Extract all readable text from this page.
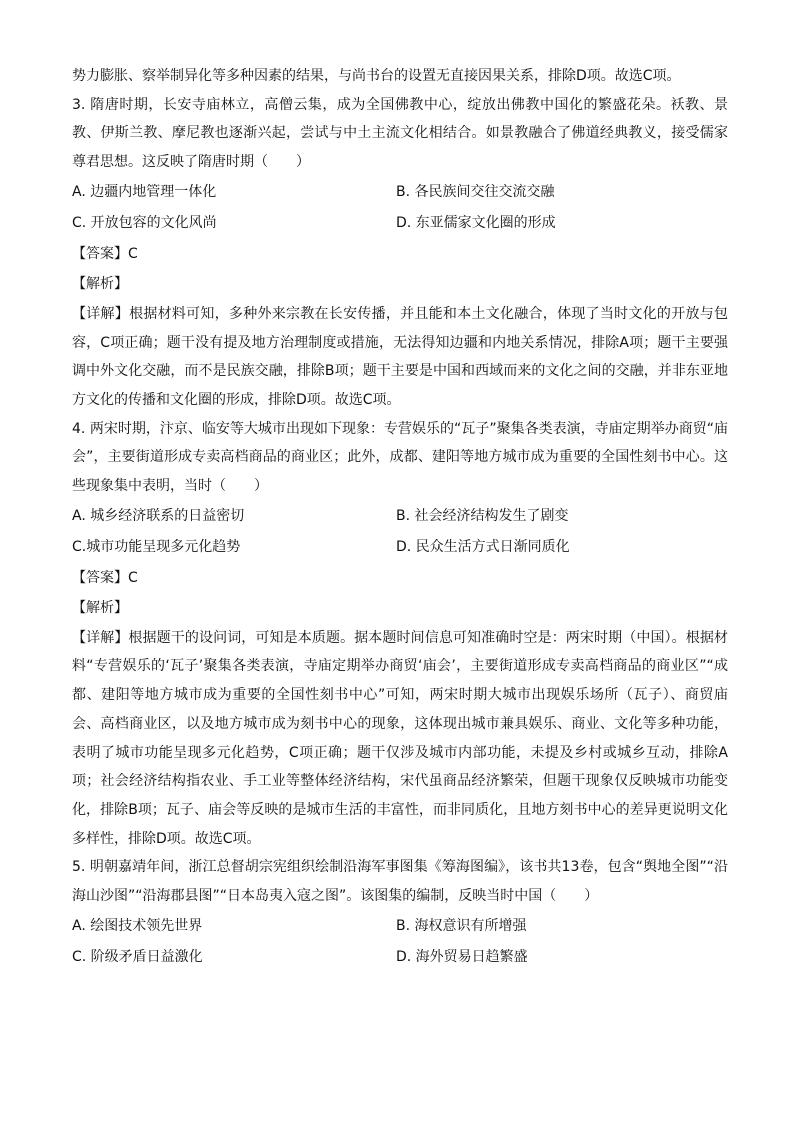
势力膨胀、察举制异化等多种因素的结果，与尚书台的设置无直接因果关系，排除D项。故选C项。

3. 隋唐时期，长安寺庙林立，高僧云集，成为全国佛教中心，绽放出佛教中国化的繁盛花朵。袄教、景教、伊斯兰教、摩尼教也逐渐兴起，尝试与中土主流文化相结合。如景教融合了佛道经典教义，接受儒家尊君思想。这反映了隋唐时期（　　）

A. 边疆内地管理一体化	B. 各民族间交往交流交融
C. 开放包容的文化风尚	D. 东亚儒家文化圈的形成

【答案】C

【解析】

【详解】根据材料可知，多种外来宗教在长安传播，并且能和本土文化融合，体现了当时文化的开放与包容，C项正确；题干没有提及地方治理制度或措施，无法得知边疆和内地关系情况，排除A项；题干主要强调中外文化交融，而不是民族交融，排除B项；题干主要是中国和西域而来的文化之间的交融，并非东亚地方文化的传播和文化圈的形成，排除D项。故选C项。

4. 两宋时期，汴京、临安等大城市出现如下现象：专营娱乐的“瓦子”聚集各类表演，寺庙定期举办商贸“庙会”，主要街道形成专卖高档商品的商业区；此外，成都、建阳等地方城市成为重要的全国性刻书中心。这些现象集中表明，当时（　　）

A. 城乡经济联系的日益密切	B. 社会经济结构发生了剧变
C.城市功能呈现多元化趋势	D. 民众生活方式日渐同质化

【答案】C

【解析】

【详解】根据题干的设问词，可知是本质题。据本题时间信息可知准确时空是：两宋时期（中国）。根据材料“专营娱乐的‘瓦子’聚集各类表演，寺庙定期举办商贸‘庙会’，主要街道形成专卖高档商品的商业区”“成都、建阳等地方城市成为重要的全国性刻书中心”可知，两宋时期大城市出现娱乐场所（瓦子）、商贸庙会、高档商业区，以及地方城市成为刻书中心的现象，这体现出城市兼具娱乐、商业、文化等多种功能，表明了城市功能呈现多元化趋势，C项正确；题干仅涉及城市内部功能，未提及乡村或城乡互动，排除A项；社会经济结构指农业、手工业等整体经济结构，宋代虽商品经济繁荣，但题干现象仅反映城市功能变化，排除B项；瓦子、庙会等反映的是城市生活的丰富性，而非同质化，且地方刻书中心的差异更说明文化多样性，排除D项。故选C项。

5. 明朝嘉靖年间，浙江总督胡宗宪组织绘制沿海军事图集《筹海图编》，该书共13卷，包含“舆地全图”“沿海山沙图”“沿海郡县图”“日本岛夷入寇之图”。该图集的编制，反映当时中国（　　）

A. 绘图技术领先世界	B. 海权意识有所增强
C. 阶级矛盾日益激化	D. 海外贸易日趋繁盛
